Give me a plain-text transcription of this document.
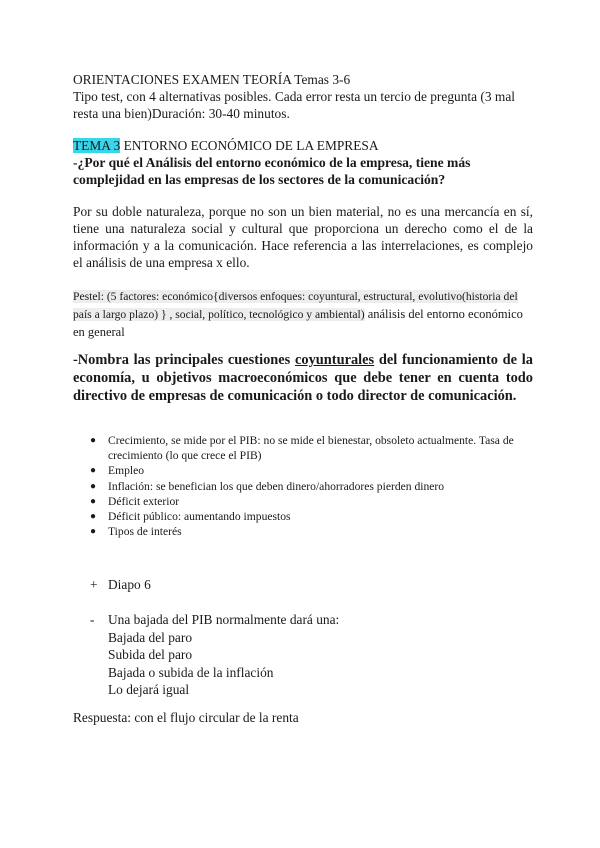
ORIENTACIONES EXAMEN TEORÍA Temas 3-6

Tipo test, con 4 alternativas posibles. Cada error resta un tercio de pregunta (3 mal resta una bien)Duración: 30-40 minutos.

TEMA 3 ENTORNO ECONÓMICO DE LA EMPRESA

-¿Por qué el Análisis del entorno económico de la empresa, tiene más complejidad en las empresas de los sectores de la comunicación?

Por su doble naturaleza, porque no son un bien material, no es una mercancía en sí, tiene una naturaleza social y cultural que proporciona un derecho como el de la información y a la comunicación. Hace referencia a las interrelaciones, es complejo el análisis de una empresa x ello.

Pestel: (5 factores: económico{diversos enfoques: coyuntural, estructural, evolutivo(historia del país a largo plazo) } , social, político, tecnológico y ambiental) análisis del entorno económico en general

-Nombra las principales cuestiones coyunturales del funcionamiento de la economía, u objetivos macroeconómicos que debe tener en cuenta todo directivo de empresas de comunicación o todo director de comunicación.

● Crecimiento, se mide por el PIB: no se mide el bienestar, obsoleto actualmente. Tasa de crecimiento (lo que crece el PIB)
● Empleo
● Inflación: se benefician los que deben dinero/ahorradores pierden dinero
● Déficit exterior
● Déficit público: aumentando impuestos
● Tipos de interés
+ Diapo 6
- Una bajada del PIB normalmente dará una:
Bajada del paro
Subida del paro
Bajada o subida de la inflación
Lo dejará igual

Respuesta: con el flujo circular de la renta
